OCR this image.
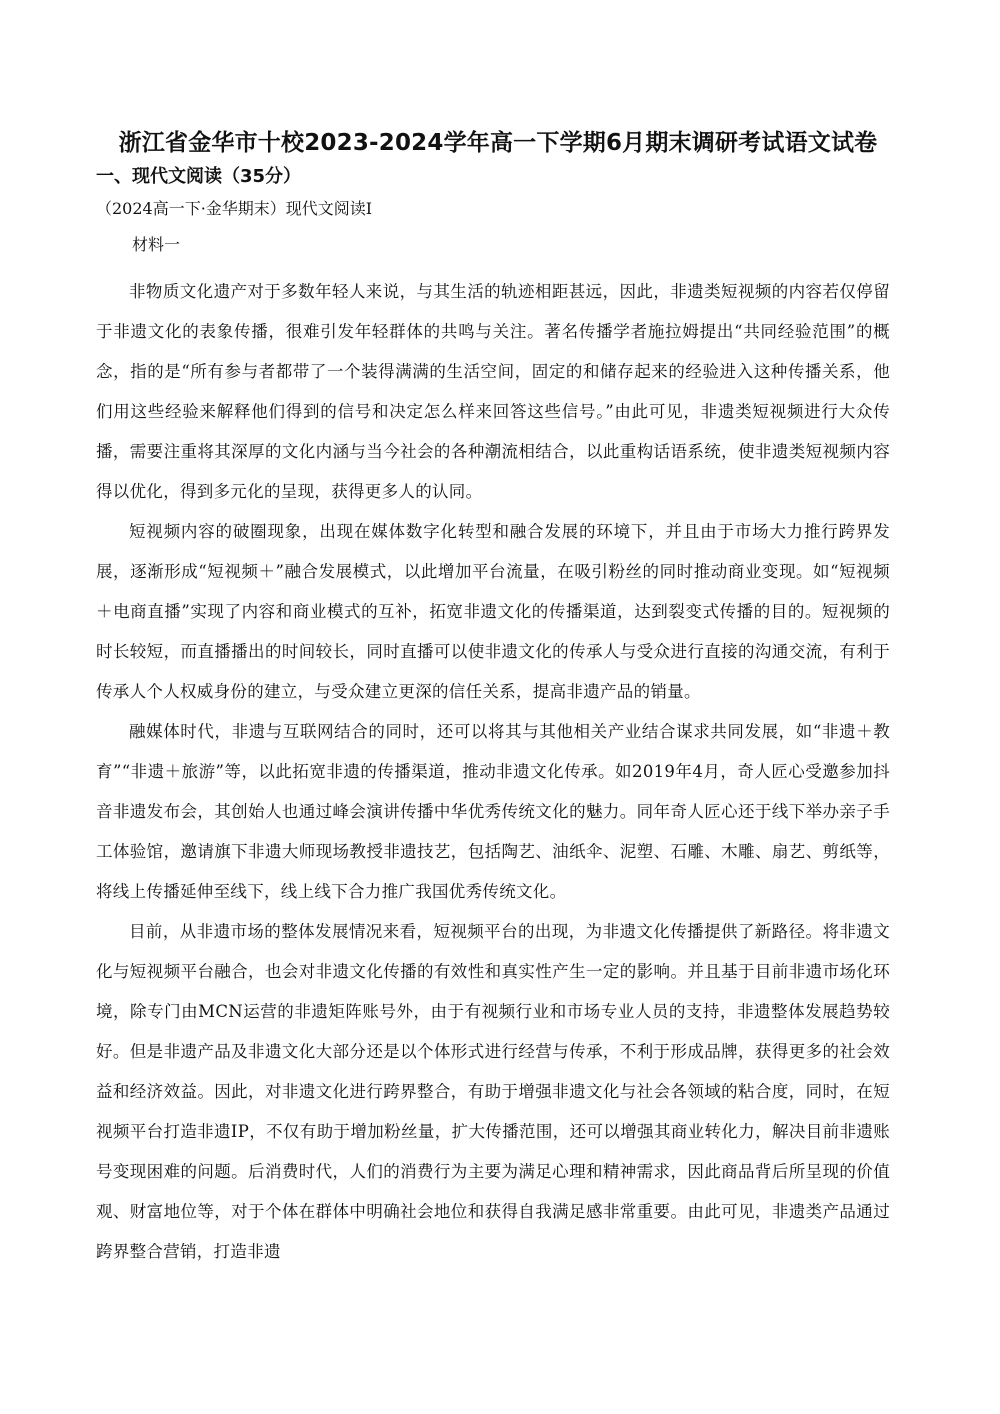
浙江省金华市十校2023-2024学年高一下学期6月期末调研考试语文试卷
一、现代文阅读（35分）
（2024高一下·金华期末）现代文阅读Ⅰ
材料一

非物质文化遗产对于多数年轻人来说，与其生活的轨迹相距甚远，因此，非遗类短视频的内容若仅停留于非遗文化的表象传播，很难引发年轻群体的共鸣与关注。著名传播学者施拉姆提出“共同经验范围”的概念，指的是“所有参与者都带了一个装得满满的生活空间，固定的和储存起来的经验进入这种传播关系，他们用这些经验来解释他们得到的信号和决定怎么样来回答这些信号。”由此可见，非遗类短视频进行大众传播，需要注重将其深厚的文化内涵与当今社会的各种潮流相结合，以此重构话语系统，使非遗类短视频内容得以优化，得到多元化的呈现，获得更多人的认同。

短视频内容的破圈现象，出现在媒体数字化转型和融合发展的环境下，并且由于市场大力推行跨界发展，逐渐形成“短视频＋”融合发展模式，以此增加平台流量，在吸引粉丝的同时推动商业变现。如“短视频＋电商直播”实现了内容和商业模式的互补，拓宽非遗文化的传播渠道，达到裂变式传播的目的。短视频的时长较短，而直播播出的时间较长，同时直播可以使非遗文化的传承人与受众进行直接的沟通交流，有利于传承人个人权威身份的建立，与受众建立更深的信任关系，提高非遗产品的销量。

融媒体时代，非遗与互联网结合的同时，还可以将其与其他相关产业结合谋求共同发展，如“非遗＋教育”“非遗＋旅游”等，以此拓宽非遗的传播渠道，推动非遗文化传承。如2019年4月，奇人匠心受邀参加抖音非遗发布会，其创始人也通过峰会演讲传播中华优秀传统文化的魅力。同年奇人匠心还于线下举办亲子手工体验馆，邀请旗下非遗大师现场教授非遗技艺，包括陶艺、油纸伞、泥塑、石雕、木雕、扇艺、剪纸等，将线上传播延伸至线下，线上线下合力推广我国优秀传统文化。

目前，从非遗市场的整体发展情况来看，短视频平台的出现，为非遗文化传播提供了新路径。将非遗文化与短视频平台融合，也会对非遗文化传播的有效性和真实性产生一定的影响。并且基于目前非遗市场化环境，除专门由MCN运营的非遗矩阵账号外，由于有视频行业和市场专业人员的支持，非遗整体发展趋势较好。但是非遗产品及非遗文化大部分还是以个体形式进行经营与传承，不利于形成品牌，获得更多的社会效益和经济效益。因此，对非遗文化进行跨界整合，有助于增强非遗文化与社会各领域的粘合度，同时，在短视频平台打造非遗IP，不仅有助于增加粉丝量，扩大传播范围，还可以增强其商业转化力，解决目前非遗账号变现困难的问题。后消费时代，人们的消费行为主要为满足心理和精神需求，因此商品背后所呈现的价值观、财富地位等，对于个体在群体中明确社会地位和获得自我满足感非常重要。由此可见，非遗类产品通过跨界整合营销，打造非遗
